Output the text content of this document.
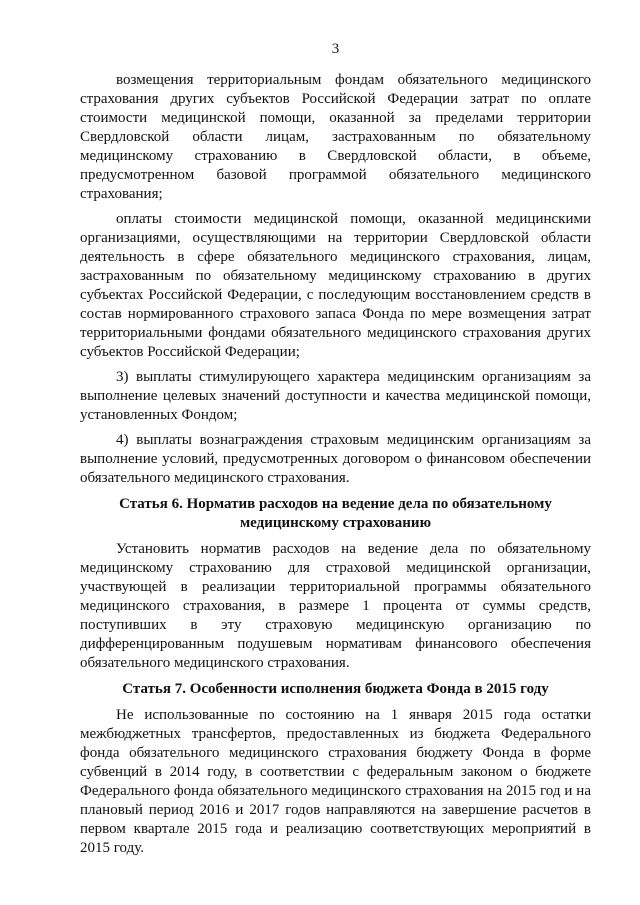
3

возмещения территориальным фондам обязательного медицинского страхования других субъектов Российской Федерации затрат по оплате стоимости медицинской помощи, оказанной за пределами территории Свердловской области лицам, застрахованным по обязательному медицинскому страхованию в Свердловской области, в объеме, предусмотренном базовой программой обязательного медицинского страхования;

оплаты стоимости медицинской помощи, оказанной медицинскими организациями, осуществляющими на территории Свердловской области деятельность в сфере обязательного медицинского страхования, лицам, застрахованным по обязательному медицинскому страхованию в других субъектах Российской Федерации, с последующим восстановлением средств в состав нормированного страхового запаса Фонда по мере возмещения затрат территориальными фондами обязательного медицинского страхования других субъектов Российской Федерации;

3) выплаты стимулирующего характера медицинским организациям за выполнение целевых значений доступности и качества медицинской помощи, установленных Фондом;

4) выплаты вознаграждения страховым медицинским организациям за выполнение условий, предусмотренных договором о финансовом обеспечении обязательного медицинского страхования.

Статья 6. Норматив расходов на ведение дела по обязательному медицинскому страхованию

Установить норматив расходов на ведение дела по обязательному медицинскому страхованию для страховой медицинской организации, участвующей в реализации территориальной программы обязательного медицинского страхования, в размере 1 процента от суммы средств, поступивших в эту страховую медицинскую организацию по дифференцированным подушевым нормативам финансового обеспечения обязательного медицинского страхования.

Статья 7. Особенности исполнения бюджета Фонда в 2015 году

Не использованные по состоянию на 1 января 2015 года остатки межбюджетных трансфертов, предоставленных из бюджета Федерального фонда обязательного медицинского страхования бюджету Фонда в форме субвенций в 2014 году, в соответствии с федеральным законом о бюджете Федерального фонда обязательного медицинского страхования на 2015 год и на плановый период 2016 и 2017 годов направляются на завершение расчетов в первом квартале 2015 года и реализацию соответствующих мероприятий в 2015 году.
